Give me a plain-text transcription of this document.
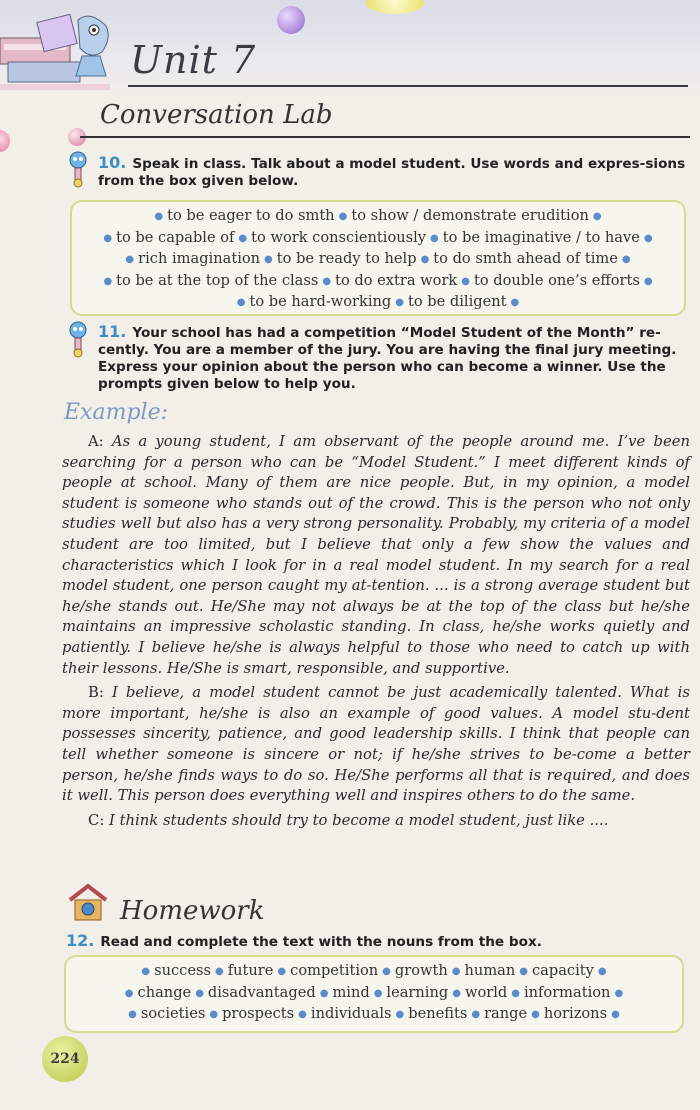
Unit 7
Conversation Lab
10. Speak in class. Talk about a model student. Use words and expres-sions from the box given below.
● to be eager to do smth ● to show / demonstrate erudition ●
● to be capable of ● to work conscientiously ● to be imaginative / to have ●
● rich imagination ● to be ready to help ● to do smth ahead of time ●
● to be at the top of the class ● to do extra work ● to double one’s efforts ●
● to be hard-working ● to be diligent ●
11. Your school has had a competition “Model Student of the Month” re-cently. You are a member of the jury. You are having the final jury meeting. Express your opinion about the person who can become a winner. Use the prompts given below to help you.
Example:

A: As a young student, I am observant of the people around me. I’ve been searching for a person who can be “Model Student.” I meet different kinds of people at school. Many of them are nice people. But, in my opinion, a model student is someone who stands out of the crowd. This is the person who not only studies well but also has a very strong personality. Probably, my criteria of a model student are too limited, but I believe that only a few show the values and characteristics which I look for in a real model student. In my search for a real model student, one person caught my at-tention. ... is a strong average student but he/she stands out. He/She may not always be at the top of the class but he/she maintains an impressive scholastic standing. In class, he/she works quietly and patiently. I believe he/she is always helpful to those who need to catch up with their lessons. He/She is smart, responsible, and supportive.

B: I believe, a model student cannot be just academically talented. What is more important, he/she is also an example of good values. A model stu-dent possesses sincerity, patience, and good leadership skills. I think that people can tell whether someone is sincere or not; if he/she strives to be-come a better person, he/she finds ways to do so. He/She performs all that is required, and does it well. This person does everything well and inspires others to do the same.

C: I think students should try to become a model student, just like ....

Homework
12. Read and complete the text with the nouns from the box.
● success ● future ● competition ● growth ● human ● capacity ●
● change ● disadvantaged ● mind ● learning ● world ● information ●
● societies ● prospects ● individuals ● benefits ● range ● horizons ●
224
